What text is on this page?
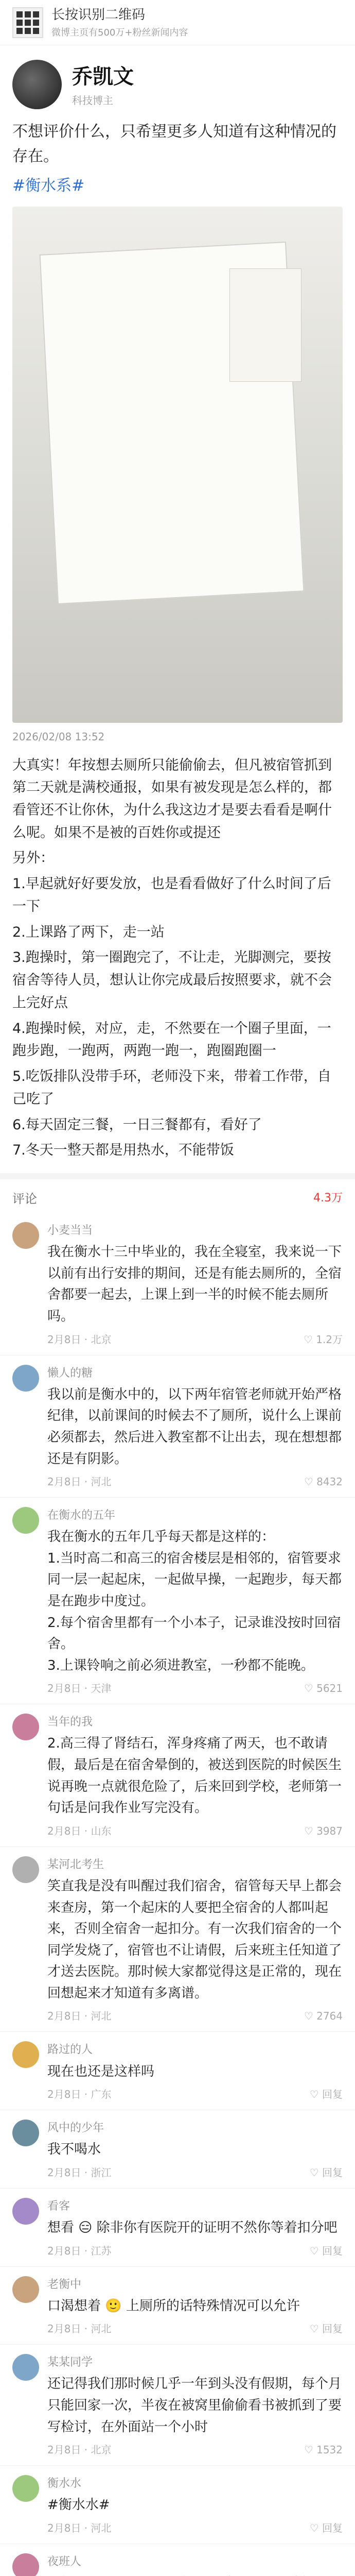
长按识别二维码
微博主页有500万+粉丝新闻内容
乔凯文
科技博主
不想评价什么，只希望更多人知道有这种情况的存在。
#衡水系#
2026/02/08 13:52

大真实！年按想去厕所只能偷偷去，但凡被宿管抓到第二天就是满校通报，如果有被发现是怎么样的，都看管还不让你休，为什么我这边才是要去看看是啊什么呢。如果不是被的百姓你或提还

另外：

1.早起就好好要发放，也是看看做好了什么时间了后一下

2.上课路了两下，走一站

3.跑操时，第一圈跑完了，不让走，光脚测完，要按宿舍等待人员，想认让你完成最后按照要求，就不会上完好点

4.跑操时候，对应，走，不然要在一个圈子里面，一跑步跑，一跑两，两跑一跑一，跑圈跑圈一

5.吃饭排队没带手环，老师没下来，带着工作带，自己吃了

6.每天固定三餐，一日三餐都有，看好了

7.冬天一整天都是用热水，不能带饭

评论	4.3万
小麦当当
我在衡水十三中毕业的，我在全寝室，我来说一下以前有出行安排的期间，还是有能去厕所的，全宿舍都要一起去，上课上到一半的时候不能去厕所吗。
2月8日 · 北京	♡ 1.2万
懒人的糖
我以前是衡水中的，以下两年宿管老师就开始严格纪律，以前课间的时候去不了厕所，说什么上课前必须都去，然后进入教室都不让出去，现在想想都还是有阴影。
2月8日 · 河北	♡ 8432
在衡水的五年
我在衡水的五年几乎每天都是这样的：
1.当时高二和高三的宿舍楼层是相邻的，宿管要求同一层一起起床，一起做早操，一起跑步，每天都是在跑步中度过。
2.每个宿舍里都有一个小本子，记录谁没按时回宿舍。
3.上课铃响之前必须进教室，一秒都不能晚。
2月8日 · 天津	♡ 5621
当年的我
2.高三得了肾结石，浑身疼痛了两天，也不敢请假，最后是在宿舍晕倒的，被送到医院的时候医生说再晚一点就很危险了，后来回到学校，老师第一句话是问我作业写完没有。
2月8日 · 山东	♡ 3987
某河北考生
笑直我是没有叫醒过我们宿舍，宿管每天早上都会来查房，第一个起床的人要把全宿舍的人都叫起来，否则全宿舍一起扣分。有一次我们宿舍的一个同学发烧了，宿管也不让请假，后来班主任知道了才送去医院。那时候大家都觉得这是正常的，现在回想起来才知道有多离谱。
2月8日 · 河北	♡ 2764
路过的人
现在也还是这样吗
2月8日 · 广东	♡ 回复
风中的少年
我不喝水
2月8日 · 浙江	♡ 回复
看客
想看 😑 除非你有医院开的证明不然你等着扣分吧
2月8日 · 江苏	♡ 回复
老衡中
口渴想着 🙂 上厕所的话特殊情况可以允许
2月8日 · 河北	♡ 回复
某某同学
还记得我们那时候几乎一年到头没有假期，每个月只能回家一次，半夜在被窝里偷偷看书被抓到了要写检讨，在外面站一个小时
2月8日 · 北京	♡ 1532
衡水水
#衡水水#
2月8日 · 河北	♡ 回复
夜班人
